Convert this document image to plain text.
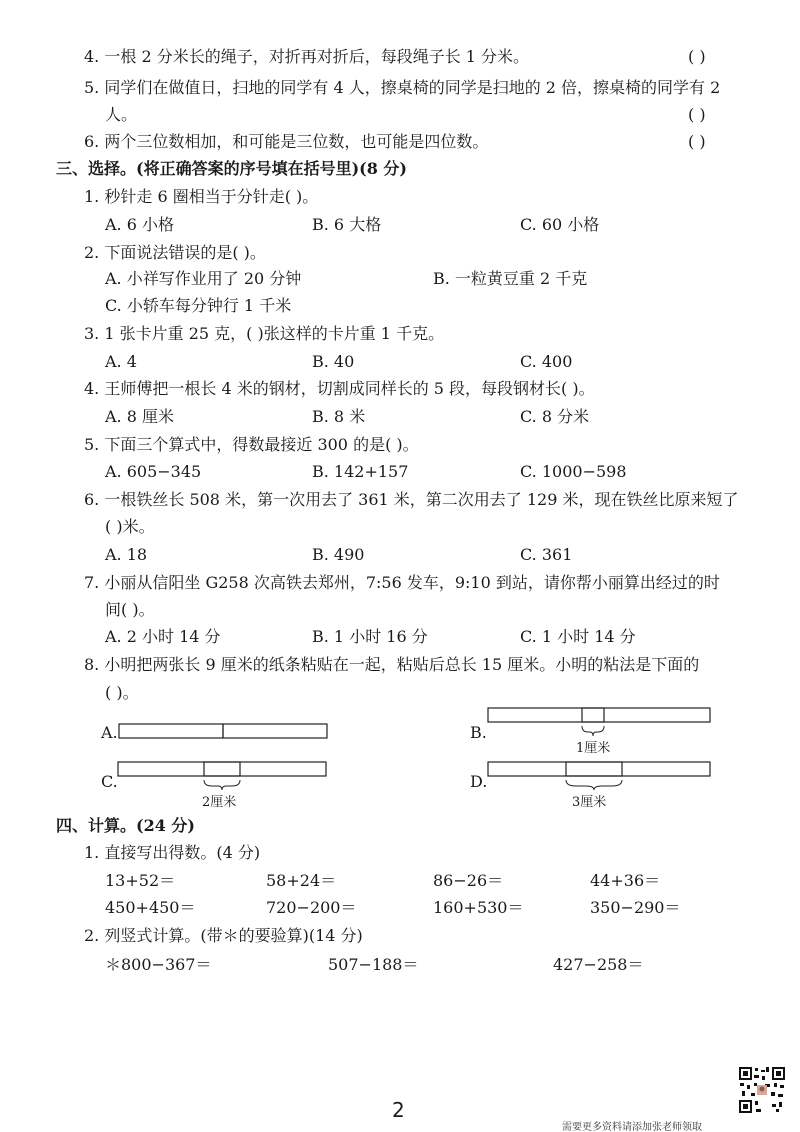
4. 一根 2 分米长的绳子，对折再对折后，每段绳子长 1 分米。	( )
5. 同学们在做值日，扫地的同学有 4 人，擦桌椅的同学是扫地的 2 倍，擦桌椅的同学有 2
人。	( )
6. 两个三位数相加，和可能是三位数，也可能是四位数。	( )
三、选择。(将正确答案的序号填在括号里)(8 分)
1. 秒针走 6 圈相当于分针走( )。
A. 6 小格	B. 6 大格	C. 60 小格
2. 下面说法错误的是( )。
A. 小祥写作业用了 20 分钟	B. 一粒黄豆重 2 千克
C. 小轿车每分钟行 1 千米
3. 1 张卡片重 25 克，( )张这样的卡片重 1 千克。
A. 4	B. 40	C. 400
4. 王师傅把一根长 4 米的钢材，切割成同样长的 5 段，每段钢材长( )。
A. 8 厘米	B. 8 米	C. 8 分米
5. 下面三个算式中，得数最接近 300 的是( )。
A. 605−345	B. 142+157	C. 1000−598
6. 一根铁丝长 508 米，第一次用去了 361 米，第二次用去了 129 米，现在铁丝比原来短了
( )米。
A. 18	B. 490	C. 361
7. 小丽从信阳坐 G258 次高铁去郑州，7:56 发车，9:10 到站，请你帮小丽算出经过的时
间( )。
A. 2 小时 14 分	B. 1 小时 16 分	C. 1 小时 14 分
8. 小明把两张长 9 厘米的纸条粘贴在一起，粘贴后总长 15 厘米。小明的粘法是下面的
( )。
A.	B.
1厘米
C.
2厘米
D.
3厘米
四、计算。(24 分)
1. 直接写出得数。(4 分)
13+52＝	58+24＝	86−26＝	44+36＝
450+450＝	720−200＝	160+530＝	350−290＝
2. 列竖式计算。(带＊的要验算)(14 分)
＊800−367＝	507−188＝	427−258＝
2
需要更多资料请添加张老师领取
